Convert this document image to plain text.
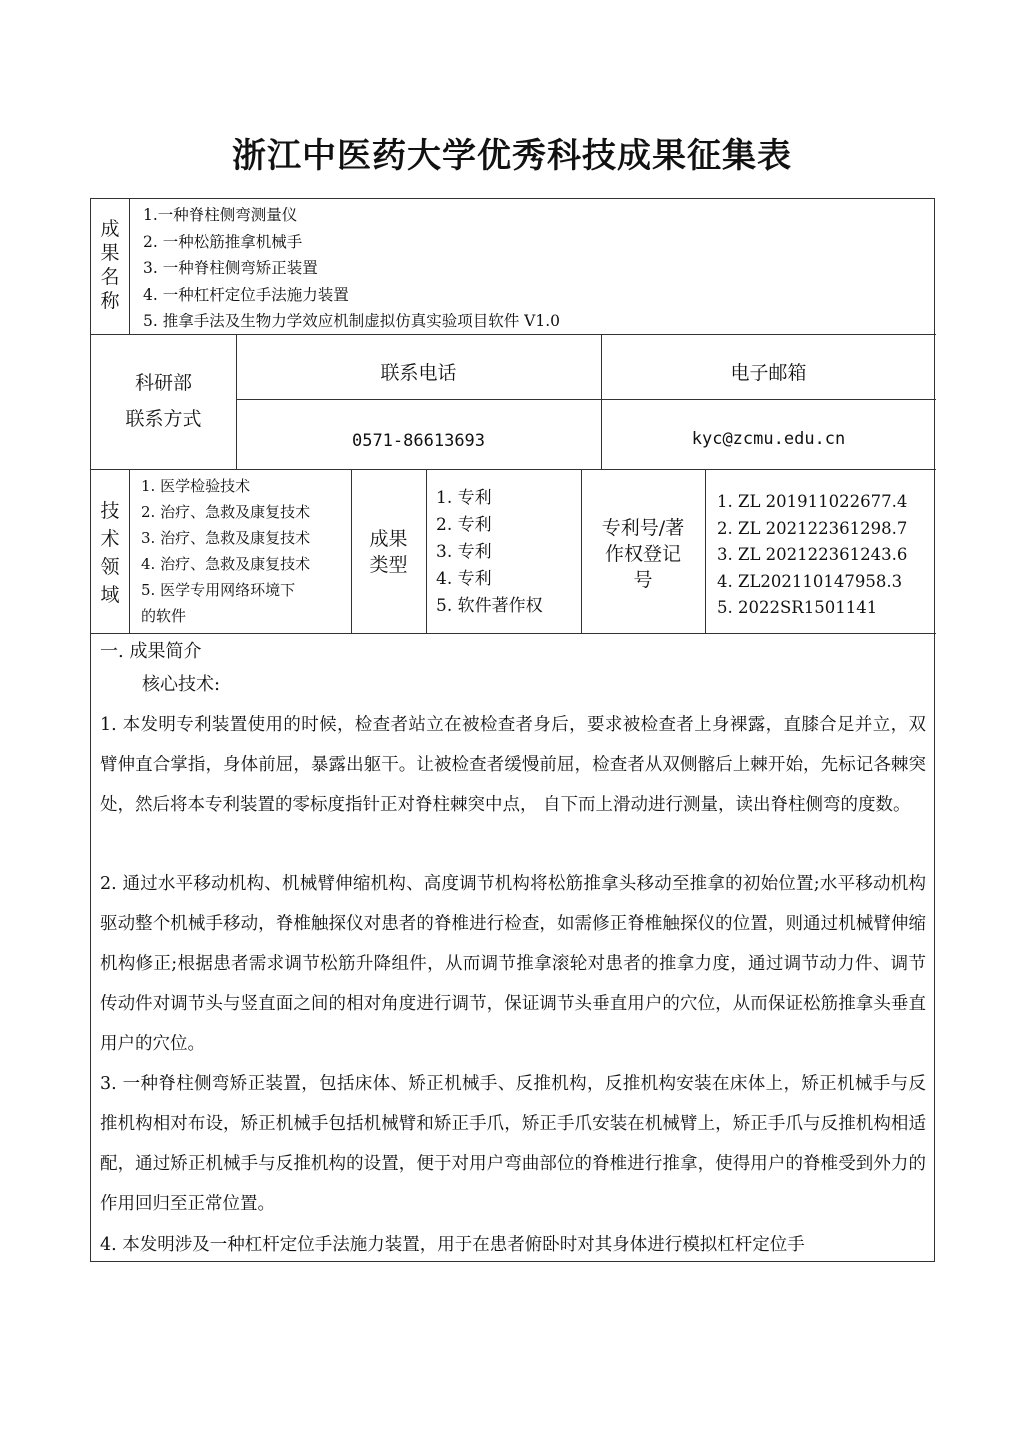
浙江中医药大学优秀科技成果征集表
成
果
名
称
1.一种脊柱侧弯测量仪
2. 一种松筋推拿机械手
3. 一种脊柱侧弯矫正装置
4. 一种杠杆定位手法施力装置
5. 推拿手法及生物力学效应机制虚拟仿真实验项目软件 V1.0
科研部
联系方式
联系电话	电子邮箱
0571-86613693	kyc@zcmu.edu.cn
技
术
领
域
1. 医学检验技术
2. 治疗、急救及康复技术
3. 治疗、急救及康复技术
4. 治疗、急救及康复技术
5. 医学专用网络环境下
的软件
成果
类型
1. 专利
2. 专利
3. 专利
4. 专利
5. 软件著作权
专利号/著
作权登记
号
1. ZL 201911022677.4
2. ZL 202122361298.7
3. ZL 202122361243.6
4. ZL202110147958.3
5. 2022SR1501141
一. 成果简介
核心技术:

1. 本发明专利装置使用的时候，检查者站立在被检查者身后，要求被检查者上身裸露，直膝合足并立，双臂伸直合掌指，身体前屈，暴露出躯干。让被检查者缓慢前屈，检查者从双侧髂后上棘开始，先标记各棘突处，然后将本专利装置的零标度指针正对脊柱棘突中点， 自下而上滑动进行测量，读出脊柱侧弯的度数。

2. 通过水平移动机构、机械臂伸缩机构、高度调节机构将松筋推拿头移动至推拿的初始位置;水平移动机构驱动整个机械手移动，脊椎触探仪对患者的脊椎进行检查，如需修正脊椎触探仪的位置，则通过机械臂伸缩机构修正;根据患者需求调节松筋升降组件，从而调节推拿滚轮对患者的推拿力度，通过调节动力件、调节传动件对调节头与竖直面之间的相对角度进行调节，保证调节头垂直用户的穴位，从而保证松筋推拿头垂直用户的穴位。

3. 一种脊柱侧弯矫正装置，包括床体、矫正机械手、反推机构，反推机构安装在床体上，矫正机械手与反推机构相对布设，矫正机械手包括机械臂和矫正手爪，矫正手爪安装在机械臂上，矫正手爪与反推机构相适配，通过矫正机械手与反推机构的设置，便于对用户弯曲部位的脊椎进行推拿，使得用户的脊椎受到外力的作用回归至正常位置。

4. 本发明涉及一种杠杆定位手法施力装置，用于在患者俯卧时对其身体进行模拟杠杆定位手
